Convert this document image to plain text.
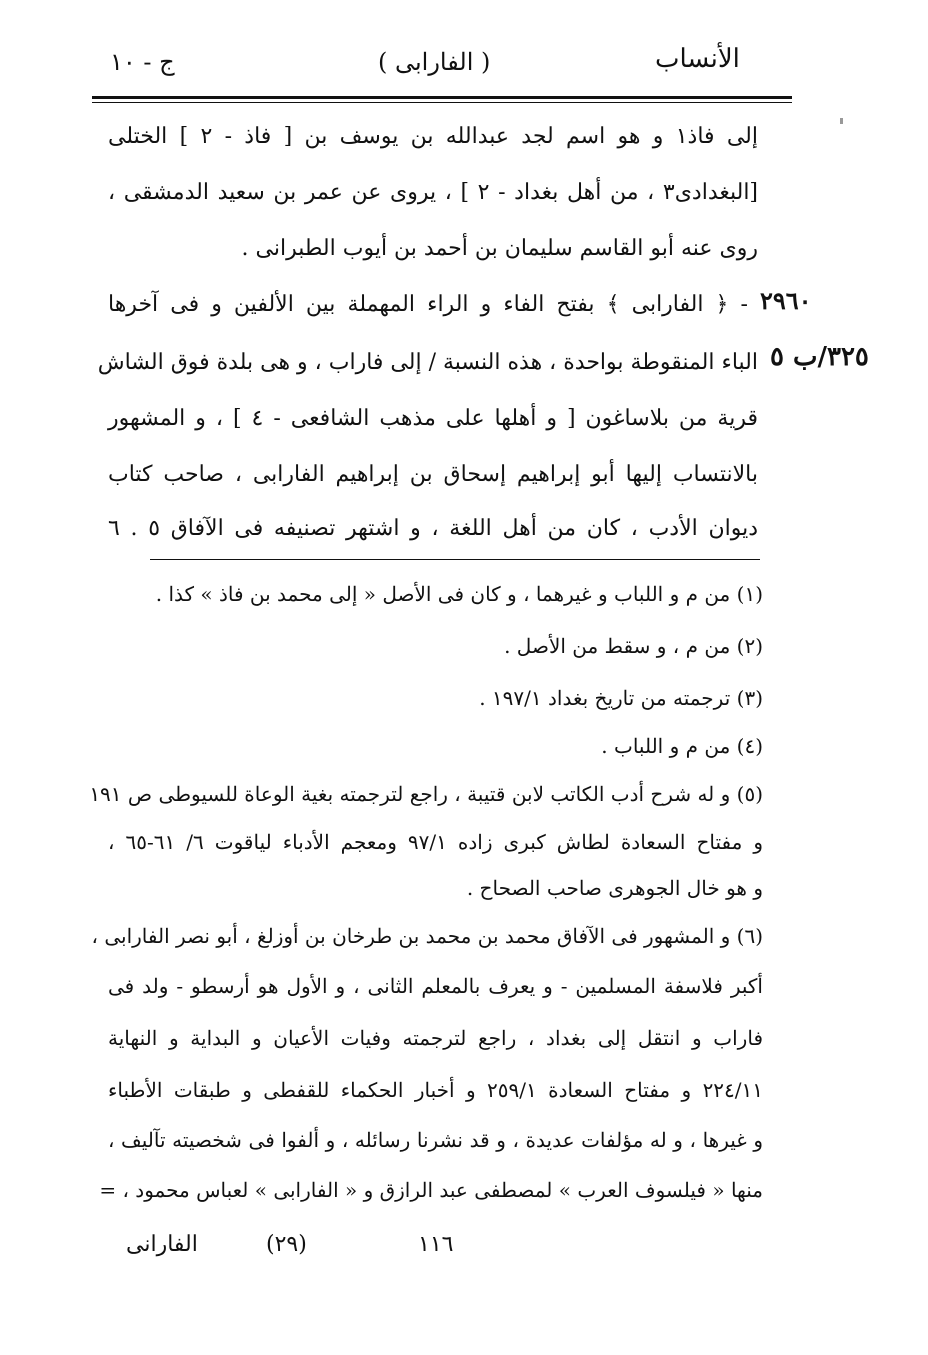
ج - ١٠	( الفارابى )	الأنساب
إلى فاذ١ و هو اسم لجد عبدالله بن يوسف بن [ فاذ - ٢ ] الختلى
[البغدادى٣ ، من أهل بغداد - ٢ ] ، يروى عن عمر بن سعيد الدمشقى ،
روى عنه أبو القاسم سليمان بن أحمد بن أيوب الطبرانى .
٢٩٦٠
- ﴿ الفارابى ﴾ بفتح الفاء و الراء المهملة بين الألفين و فى آخرها
٣٢٥/ب ٥
الباء المنقوطة بواحدة ، هذه النسبة / إلى فاراب ، و هى بلدة فوق الشاش
قرية من بلاساغون [ و أهلها على مذهب الشافعى - ٤ ] ، و المشهور
بالانتساب إليها أبو إبراهيم إسحاق بن إبراهيم الفارابى ، صاحب كتاب
ديوان الأدب ، كان من أهل اللغة ، و اشتهر تصنيفه فى الآفاق ٥ . ٦
(١) من م و اللباب و غيرهما ، و كان فى الأصل « إلى محمد بن فاذ » كذا .
(٢) من م ، و سقط من الأصل .
(٣) ترجمته من تاريخ بغداد ١٩٧/١ .
(٤) من م و اللباب .
(٥) و له شرح أدب الكاتب لابن قتيبة ، راجع لترجمته بغية الوعاة للسيوطى ص ١٩١
و مفتاح السعادة لطاش كبرى زاده ٩٧/١ ومعجم الأدباء لياقوت ٦/ ٦١-٦٥ ،
و هو خال الجوهرى صاحب الصحاح .
(٦) و المشهور فى الآفاق محمد بن محمد بن طرخان بن أوزلغ ، أبو نصر الفارابى ،
أكبر فلاسفة المسلمين - و يعرف بالمعلم الثانى ، و الأول هو أرسطو - ولد فى
فاراب و انتقل إلى بغداد ، راجع لترجمته وفيات الأعيان و البداية و النهاية
٢٢٤/١١ و مفتاح السعادة ٢٥٩/١ و أخبار الحكماء للقفطى و طبقات الأطباء
و غيرها ، و له مؤلفات عديدة ، و قد نشرنا رسائله ، و ألفوا فى شخصيته تآليف ،
منها « فيلسوف العرب » لمصطفى عبد الرازق و « الفارابى » لعباس محمود ، =
الفارانى	(٢٩)	١١٦
